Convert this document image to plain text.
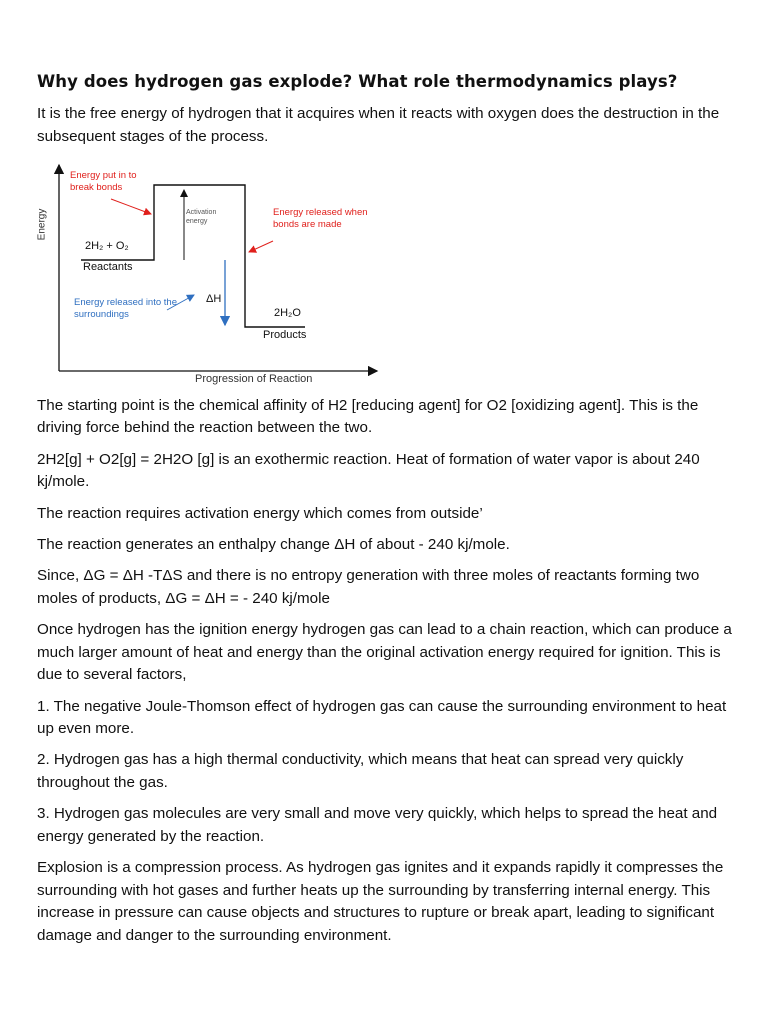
Why does hydrogen gas explode? What role thermodynamics plays?

It is the free energy of hydrogen that it acquires when it reacts with oxygen does the destruction in the subsequent stages of the process.

Energy
Progression of Reaction
Energy put in to break bonds
Activation energy
Energy released when bonds are made
2H₂ + O₂
Reactants
ΔH
Energy released into the surroundings	2H₂O
Products

The starting point is the chemical affinity of H2 [reducing agent] for O2 [oxidizing agent]. This is the driving force behind the reaction between the two.

2H2[g] + O2[g] = 2H2O [g] is an exothermic reaction. Heat of formation of water vapor is about 240 kj/mole.

The reaction requires activation energy which comes from outside’

The reaction generates an enthalpy change ΔH of about - 240 kj/mole.

Since, ΔG = ΔH -TΔS and there is no entropy generation with three moles of reactants forming two moles of products, ΔG = ΔH = - 240 kj/mole

Once hydrogen has the ignition energy hydrogen gas can lead to a chain reaction, which can produce a much larger amount of heat and energy than the original activation energy required for ignition. This is due to several factors,

1. The negative Joule-Thomson effect of hydrogen gas can cause the surrounding environment to heat up even more.

2. Hydrogen gas has a high thermal conductivity, which means that heat can spread very quickly throughout the gas.

3. Hydrogen gas molecules are very small and move very quickly, which helps to spread the heat and energy generated by the reaction.

Explosion is a compression process. As hydrogen gas ignites and it expands rapidly it compresses the surrounding with hot gases and further heats up the surrounding by transferring internal energy. This increase in pressure can cause objects and structures to rupture or break apart, leading to significant damage and danger to the surrounding environment.
